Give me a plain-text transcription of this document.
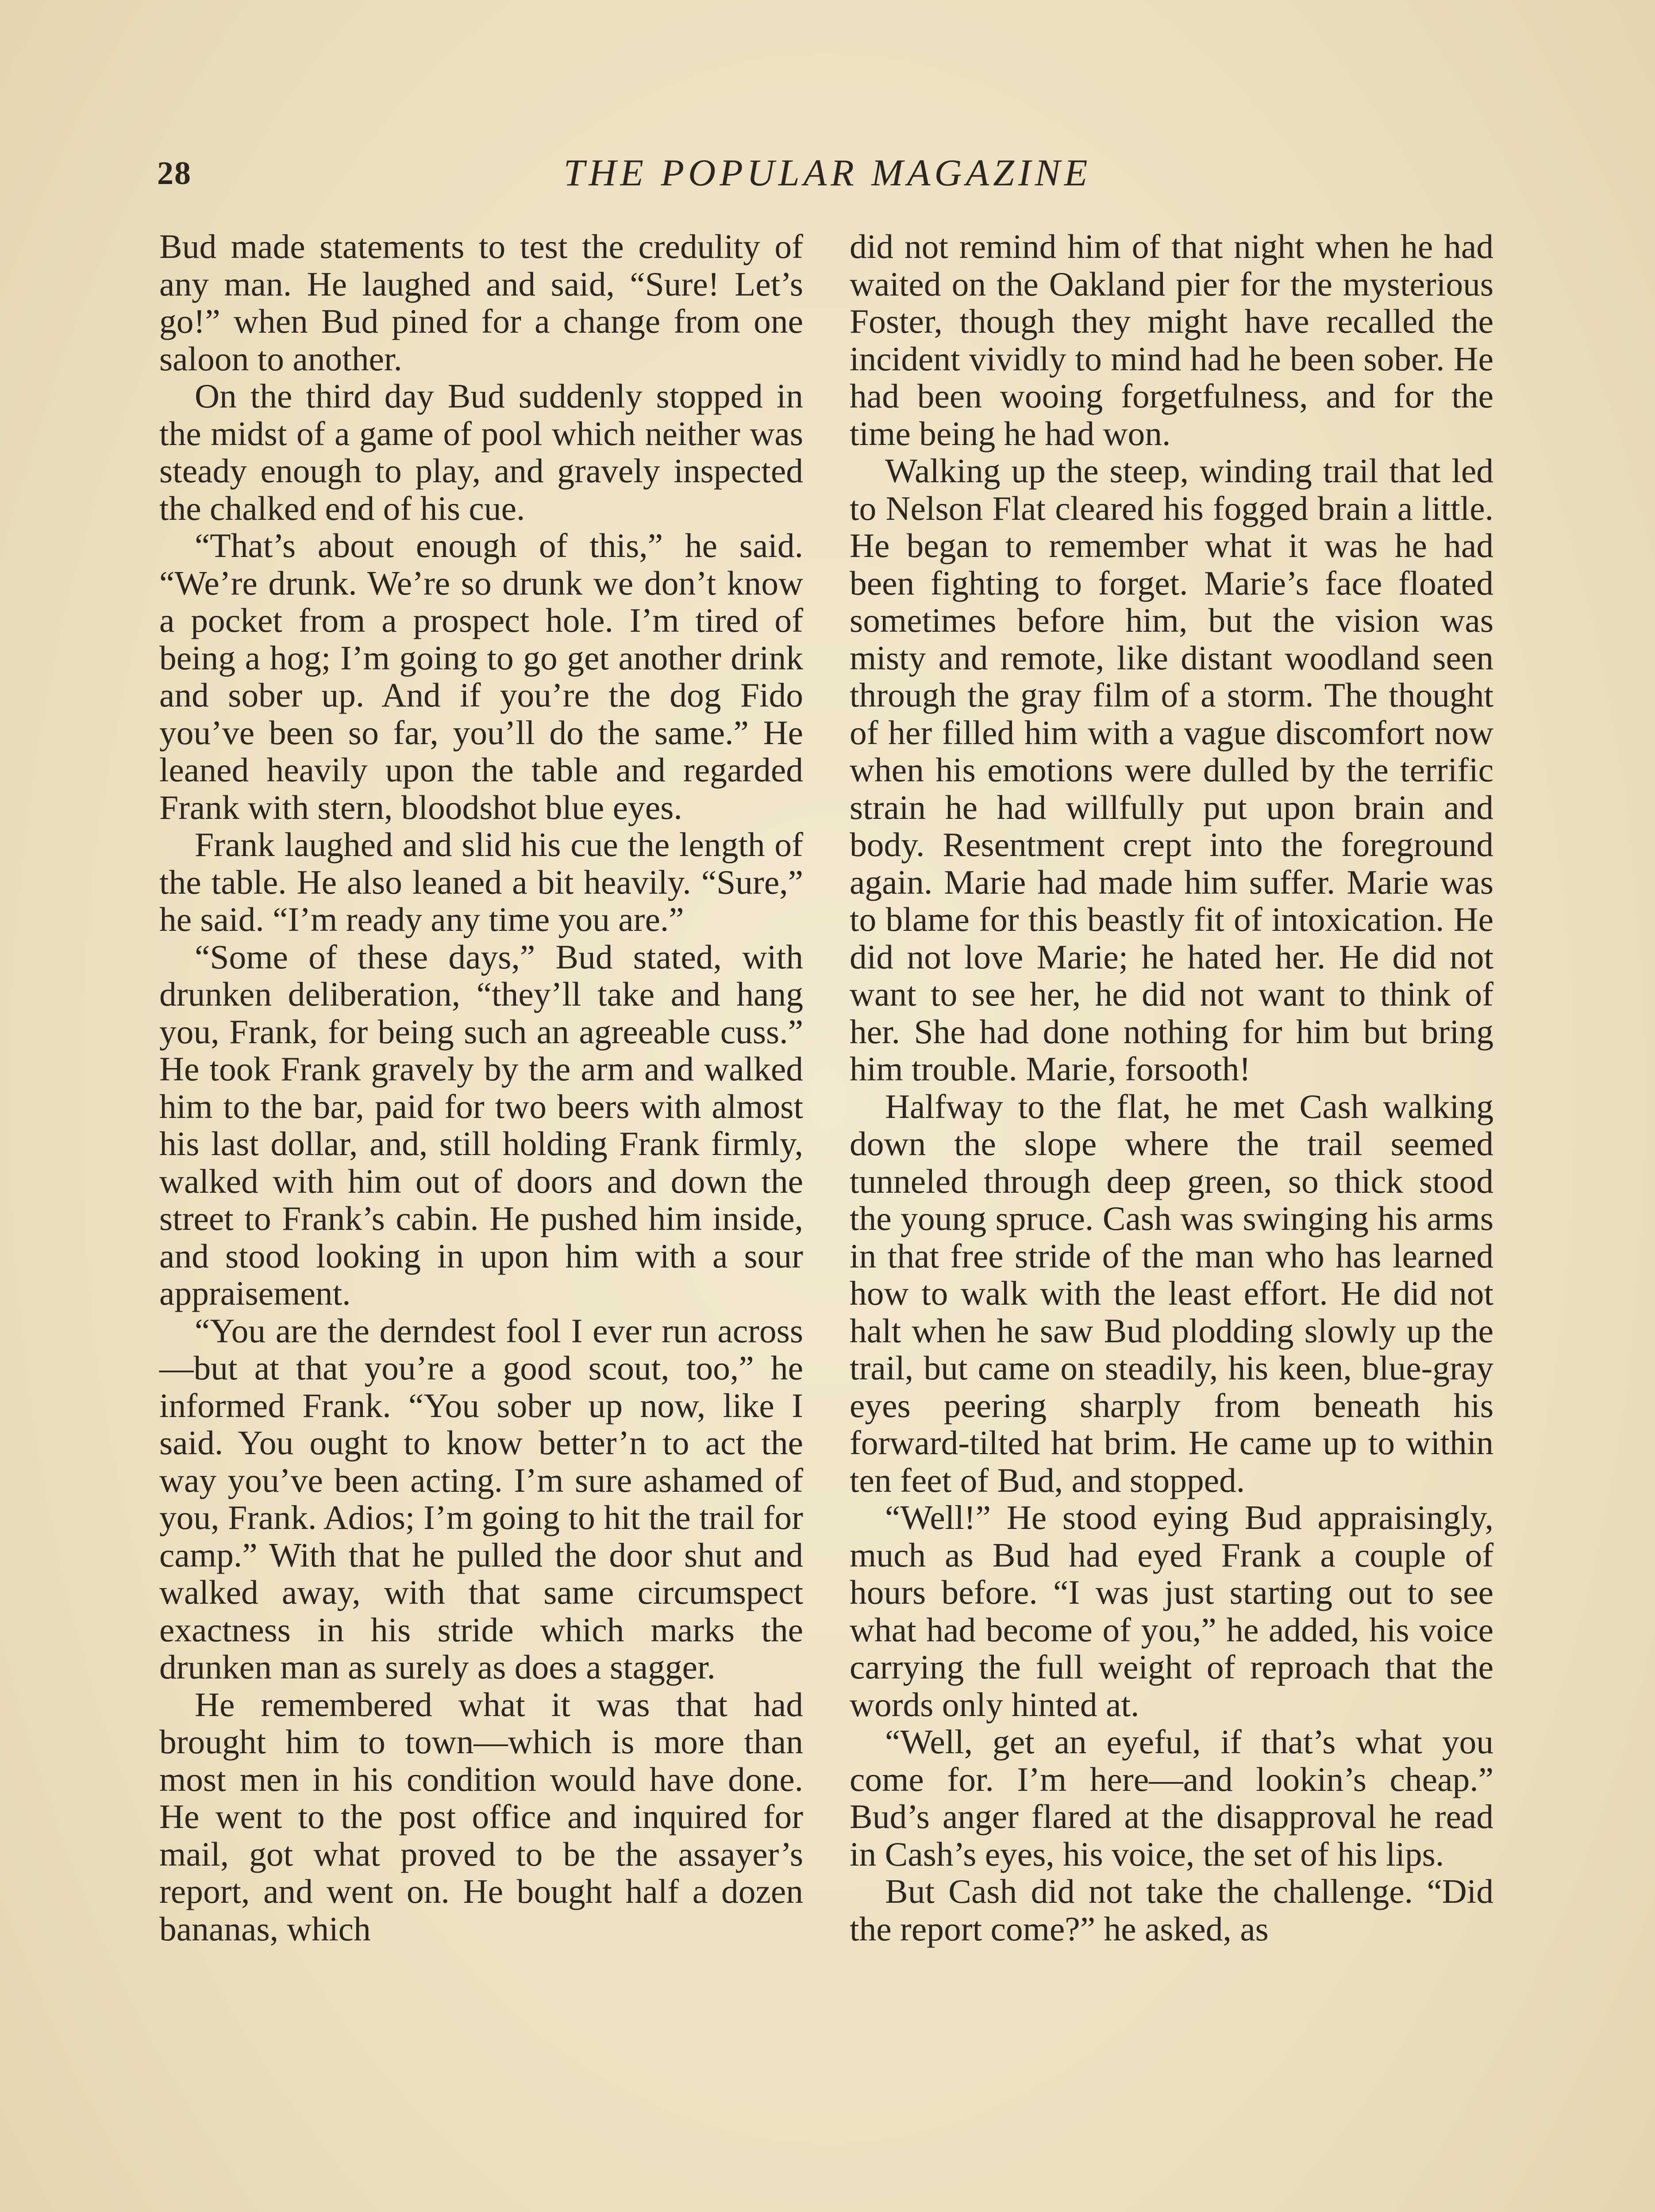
28	THE POPULAR MAGAZINE

Bud made statements to test the credulity of any man. He laughed and said, “Sure! Let’s go!” when Bud pined for a change from one saloon to another.

On the third day Bud suddenly stopped in the midst of a game of pool which neither was steady enough to play, and gravely inspected the chalked end of his cue.

“That’s about enough of this,” he said. “We’re drunk. We’re so drunk we don’t know a pocket from a prospect hole. I’m tired of being a hog; I’m going to go get another drink and sober up. And if you’re the dog Fido you’ve been so far, you’ll do the same.” He leaned heavily upon the table and regarded Frank with stern, bloodshot blue eyes.

Frank laughed and slid his cue the length of the table. He also leaned a bit heavily. “Sure,” he said. “I’m ready any time you are.”

“Some of these days,” Bud stated, with drunken deliberation, “they’ll take and hang you, Frank, for being such an agreeable cuss.” He took Frank gravely by the arm and walked him to the bar, paid for two beers with almost his last dollar, and, still holding Frank firmly, walked with him out of doors and down the street to Frank’s cabin. He pushed him inside, and stood looking in upon him with a sour appraisement.

“You are the derndest fool I ever run across—but at that you’re a good scout, too,” he informed Frank. “You sober up now, like I said. You ought to know better’n to act the way you’ve been acting. I’m sure ashamed of you, Frank. Adios; I’m going to hit the trail for camp.” With that he pulled the door shut and walked away, with that same circumspect exactness in his stride which marks the drunken man as surely as does a stagger.

He remembered what it was that had brought him to town—which is more than most men in his condition would have done. He went to the post office and inquired for mail, got what proved to be the assayer’s report, and went on. He bought half a dozen bananas, which

did not remind him of that night when he had waited on the Oakland pier for the mysterious Foster, though they might have recalled the incident vividly to mind had he been sober. He had been wooing forgetfulness, and for the time being he had won.

Walking up the steep, winding trail that led to Nelson Flat cleared his fogged brain a little. He began to remember what it was he had been fighting to forget. Marie’s face floated sometimes before him, but the vision was misty and remote, like distant woodland seen through the gray film of a storm. The thought of her filled him with a vague discomfort now when his emotions were dulled by the terrific strain he had willfully put upon brain and body. Resentment crept into the foreground again. Marie had made him suffer. Marie was to blame for this beastly fit of intoxication. He did not love Marie; he hated her. He did not want to see her, he did not want to think of her. She had done nothing for him but bring him trouble. Marie, forsooth!

Halfway to the flat, he met Cash walking down the slope where the trail seemed tunneled through deep green, so thick stood the young spruce. Cash was swinging his arms in that free stride of the man who has learned how to walk with the least effort. He did not halt when he saw Bud plodding slowly up the trail, but came on steadily, his keen, blue-gray eyes peering sharply from beneath his forward-tilted hat brim. He came up to within ten feet of Bud, and stopped.

“Well!” He stood eying Bud appraisingly, much as Bud had eyed Frank a couple of hours before. “I was just starting out to see what had become of you,” he added, his voice carrying the full weight of reproach that the words only hinted at.

“Well, get an eyeful, if that’s what you come for. I’m here—and lookin’s cheap.” Bud’s anger flared at the disapproval he read in Cash’s eyes, his voice, the set of his lips.

But Cash did not take the challenge. “Did the report come?” he asked, as
